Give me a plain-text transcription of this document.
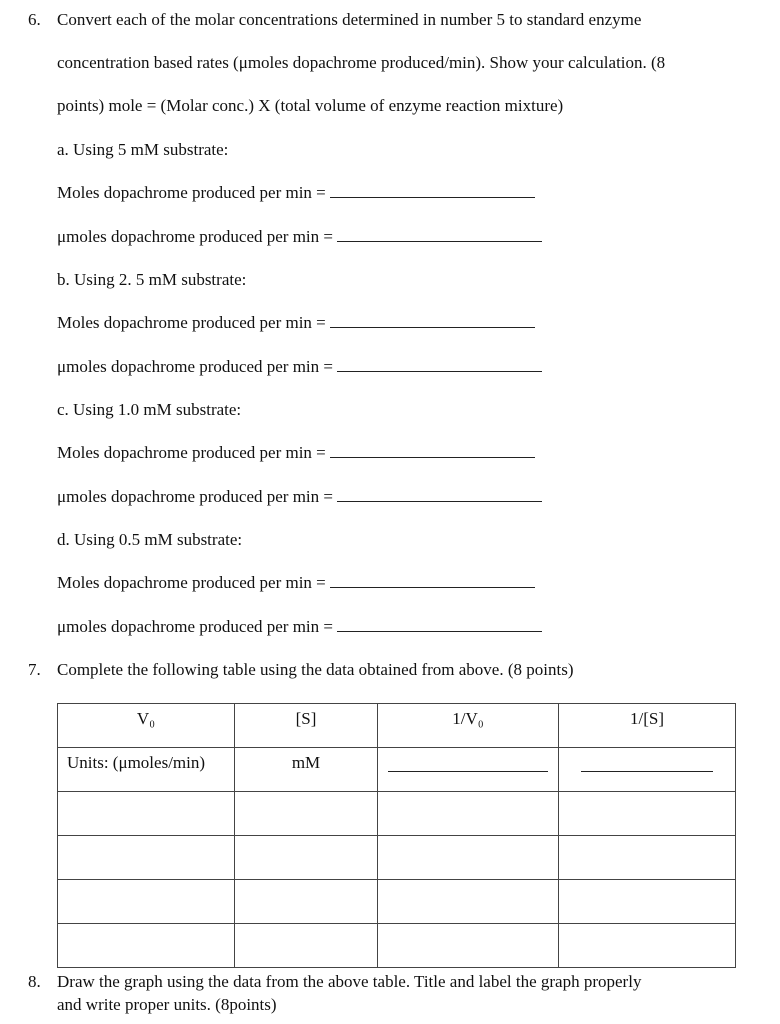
6. Convert each of the molar concentrations determined in number 5 to standard enzyme
concentration based rates (μmoles dopachrome produced/min). Show your calculation. (8
points) mole = (Molar conc.) X (total volume of enzyme reaction mixture)
a. Using 5 mM substrate:
Moles dopachrome produced per min =
μmoles dopachrome produced per min =
b. Using 2. 5 mM substrate:
Moles dopachrome produced per min =
μmoles dopachrome produced per min =
c. Using 1.0 mM substrate:
Moles dopachrome produced per min =
μmoles dopachrome produced per min =
d. Using 0.5 mM substrate:
Moles dopachrome produced per min =
μmoles dopachrome produced per min =
7. Complete the following table using the data obtained from above. (8 points)
V₀	[S]	1/V₀	1/[S]

Units: (μmoles/min)	mM		

8. Draw the graph using the data from the above table. Title and label the graph properly
and write proper units. (8points)
